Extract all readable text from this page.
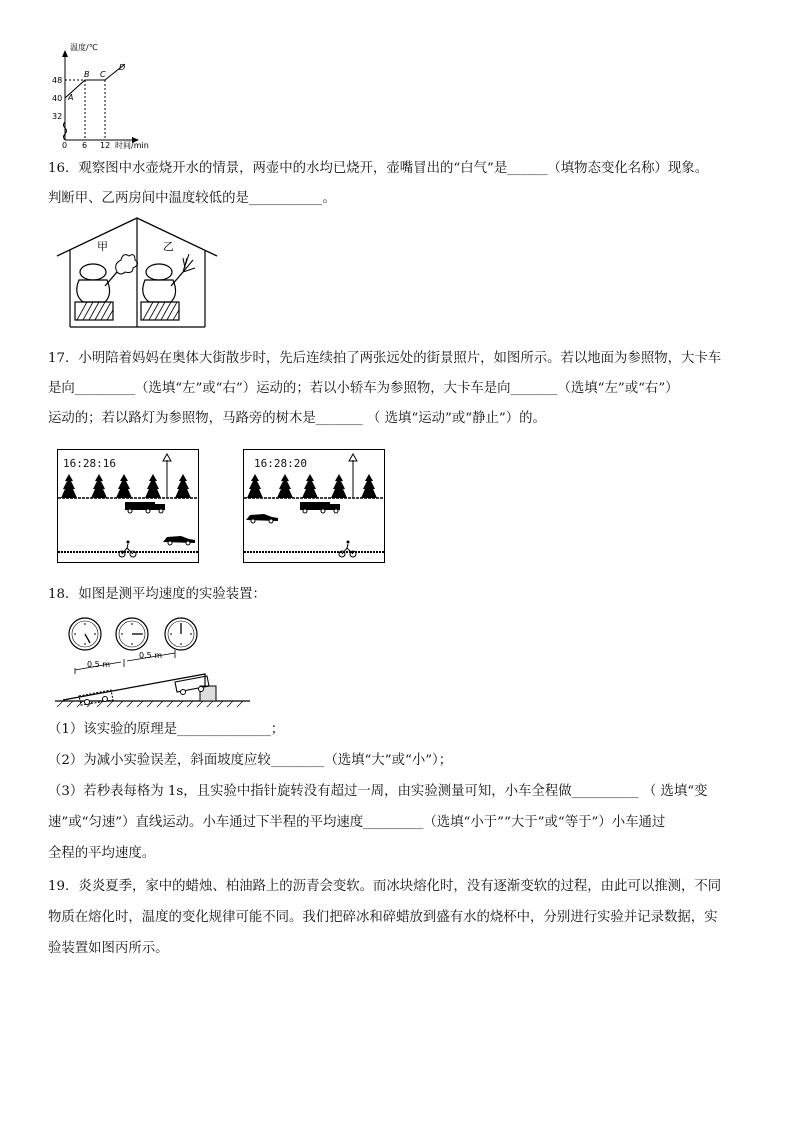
温度/℃
时间/min
48
40
32
0 6 12
A
B C
D
16．观察图中水壶烧开水的情景，两壶中的水均已烧开，壶嘴冒出的“白气”是______（填物态变化名称）现象。
判断甲、乙两房间中温度较低的是___________。
甲	乙
17．小明陪着妈妈在奥体大街散步时，先后连续拍了两张远处的街景照片，如图所示。若以地面为参照物，大卡车
是向_________（选填“左”或“右”）运动的；若以小轿车为参照物，大卡车是向_______（选填“左”或“右”）
运动的；若以路灯为参照物，马路旁的树木是_______ （ 选填“运动”或“静止”）的。
16:28:16	16:28:20
18．如图是测平均速度的实验装置：
0.5 m
0.5 m
（1）该实验的原理是______________；
（2）为减小实验误差，斜面坡度应较________（选填“大”或“小”）；
（3）若秒表每格为 1s，且实验中指针旋转没有超过一周，由实验测量可知，小车全程做__________ （ 选填“变
速”或“匀速”）直线运动。小车通过下半程的平均速度_________（选填“小于”“大于”或“等于”）小车通过
全程的平均速度。
19．炎炎夏季，家中的蜡烛、柏油路上的沥青会变软。而冰块熔化时，没有逐渐变软的过程，由此可以推测，不同
物质在熔化时，温度的变化规律可能不同。我们把碎冰和碎蜡放到盛有水的烧杯中，分别进行实验并记录数据，实
验装置如图丙所示。
